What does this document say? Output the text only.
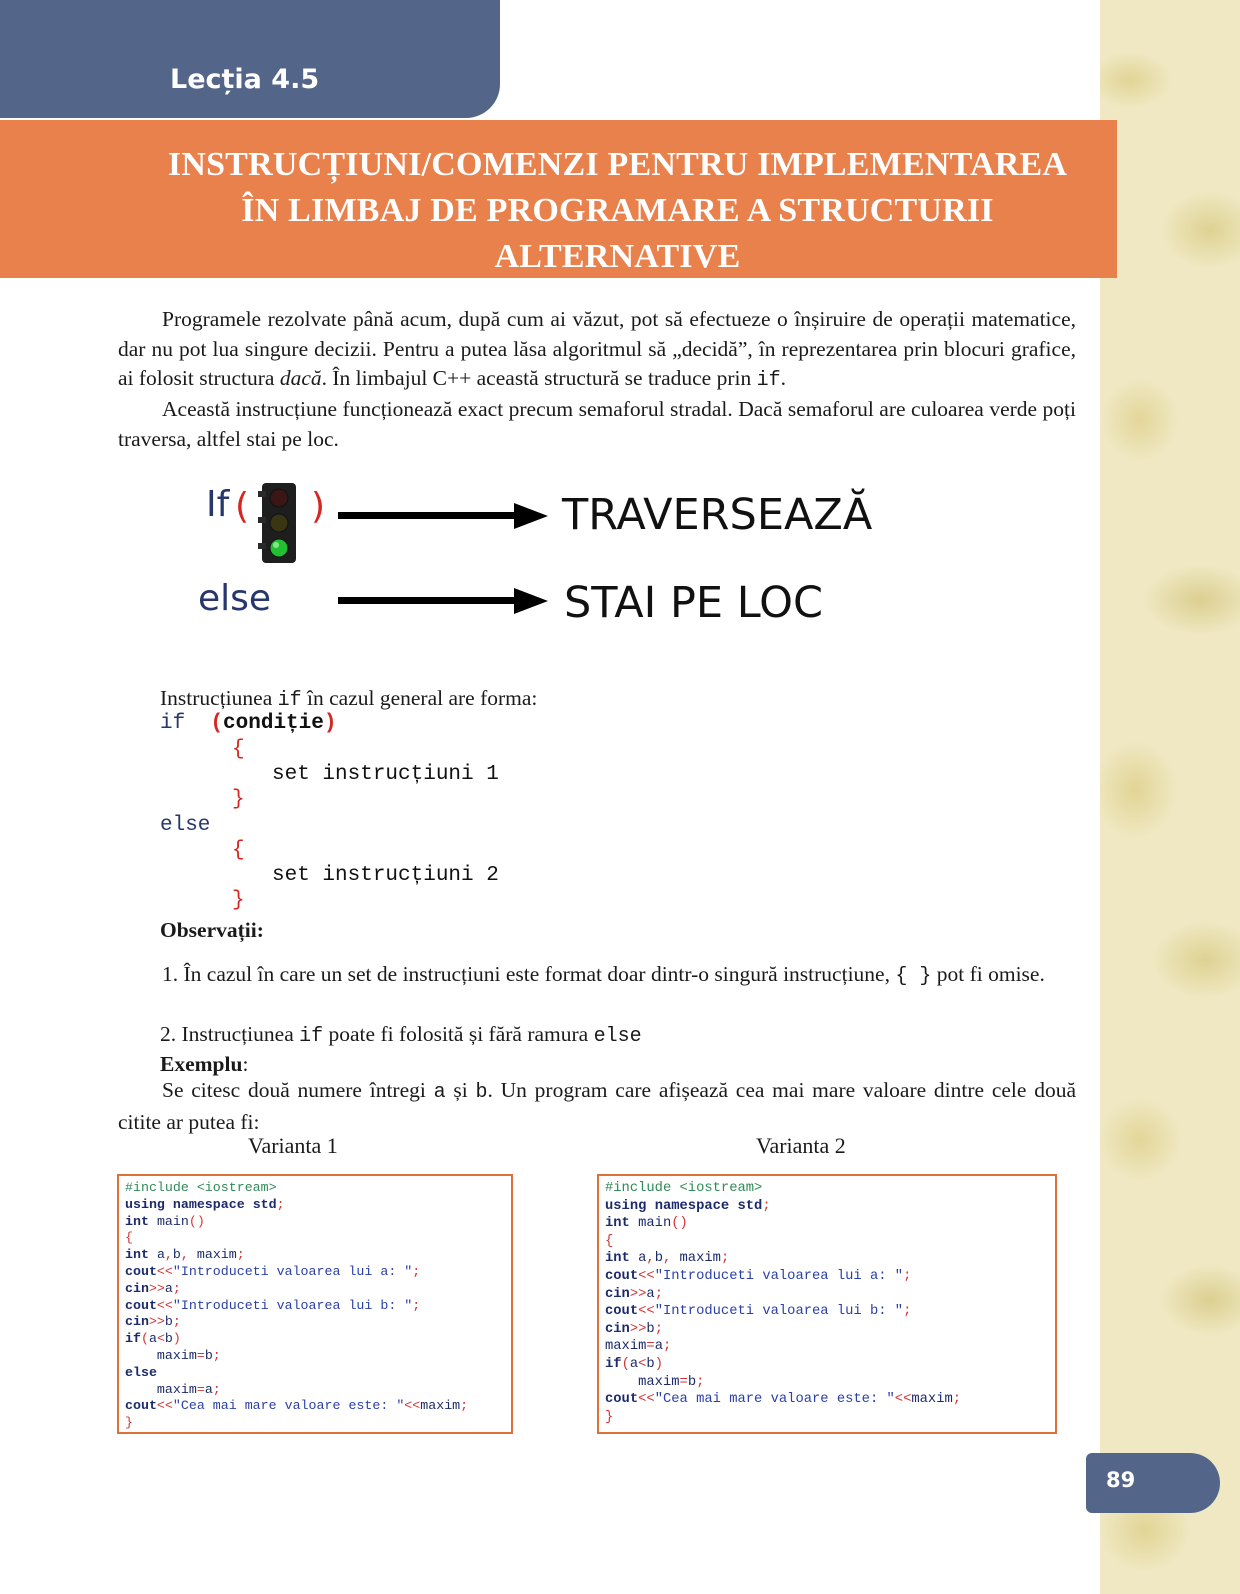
Lecția 4.5
INSTRUCȚIUNI/COMENZI PENTRU IMPLEMENTAREA
ÎN LIMBAJ DE PROGRAMARE A STRUCTURII
ALTERNATIVE

Programele rezolvate până acum, după cum ai văzut, pot să efectueze o înșiruire de operații matematice, dar nu pot lua singure decizii. Pentru a putea lăsa algoritmul să „decidă”, în reprezentarea prin blocuri grafice, ai folosit structura dacă. În limbajul C++ această structură se traduce prin if.

Această instrucțiune funcționează exact precum semaforul stradal. Dacă semaforul are culoarea verde poți traversa, altfel stai pe loc.

If ( )	TRAVERSEAZĂ
else	STAI PE LOC

Instrucțiunea if în cazul general are forma:

if (condiție)
{
set instrucțiuni 1
}
else
{
set instrucțiuni 2
}
Observații:

1. În cazul în care un set de instrucțiuni este format doar dintr-o singură instrucțiune, { } pot fi omise.

2. Instrucțiunea if poate fi folosită și fără ramura else

Exemplu:

Se citesc două numere întregi a și b. Un program care afișează cea mai mare valoare dintre cele două citite ar putea fi:

Varianta 1	Varianta 2
#include <iostream>
using namespace std;
int main()
{
int a,b, maxim;
cout<<"Introduceti valoarea lui a: ";
cin>>a;
cout<<"Introduceti valoarea lui b: ";
cin>>b;
if(a<b)
maxim=b;
else
maxim=a;
cout<<"Cea mai mare valoare este: "<<maxim;
}
#include <iostream>
using namespace std;
int main()
{
int a,b, maxim;
cout<<"Introduceti valoarea lui a: ";
cin>>a;
cout<<"Introduceti valoarea lui b: ";
cin>>b;
maxim=a;
if(a<b)
maxim=b;
cout<<"Cea mai mare valoare este: "<<maxim;
}
89
